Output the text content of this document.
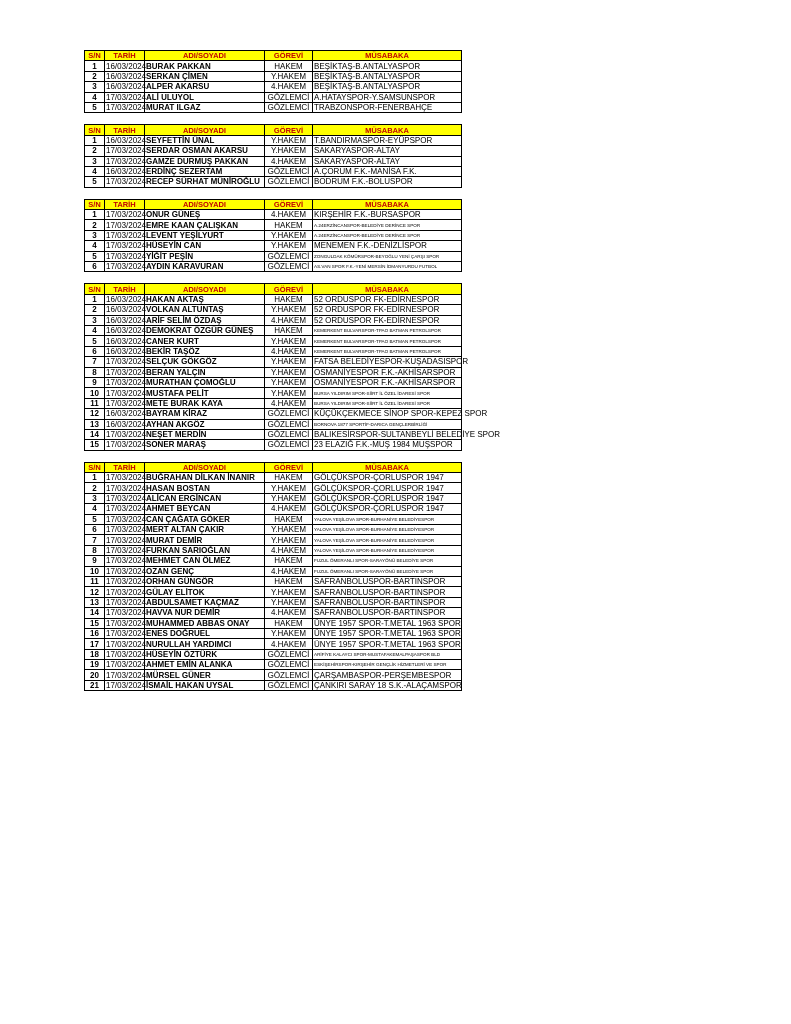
S/N	TARİH	ADI/SOYADI	GÖREVİ	MÜSABAKA
1	16/03/2024	BURAK PAKKAN	HAKEM	BEŞİKTAŞ-B.ANTALYASPOR
2	16/03/2024	SERKAN ÇİMEN	Y.HAKEM	BEŞİKTAŞ-B.ANTALYASPOR
3	16/03/2024	ALPER AKARSU	4.HAKEM	BEŞİKTAŞ-B.ANTALYASPOR
4	17/03/2024	ALİ ULUYOL	GÖZLEMCİ	A.HATAYSPOR-Y.SAMSUNSPOR
5	17/03/2024	MURAT ILGAZ	GÖZLEMCİ	TRABZONSPOR-FENERBAHÇE
S/N	TARİH	ADI/SOYADI	GÖREVİ	MÜSABAKA
1	16/03/2024	SEYFETTİN ÜNAL	Y.HAKEM	T.BANDIRMASPOR-EYÜPSPOR
2	17/03/2024	SERDAR OSMAN AKARSU	Y.HAKEM	SAKARYASPOR-ALTAY
3	17/03/2024	GAMZE DURMUŞ PAKKAN	4.HAKEM	SAKARYASPOR-ALTAY
4	16/03/2024	ERDİNÇ SEZERTAM	GÖZLEMCİ	A.ÇORUM F.K.-MANİSA F.K.
5	17/03/2024	RECEP SÜRHAT MÜNİROĞLU	GÖZLEMCİ	BODRUM F.K.-BOLUSPOR
S/N	TARİH	ADI/SOYADI	GÖREVİ	MÜSABAKA
1	17/03/2024	ONUR GÜNEŞ	4.HAKEM	KIRŞEHİR F.K.-BURSASPOR
2	17/03/2024	EMRE KAAN ÇALIŞKAN	HAKEM	A.24ERZİNCANSPOR-BELEDİYE DERİNCE SPOR
3	17/03/2024	LEVENT YEŞİLYURT	Y.HAKEM	A.24ERZİNCANSPOR-BELEDİYE DERİNCE SPOR
4	17/03/2024	HÜSEYİN CAN	Y.HAKEM	MENEMEN F.K.-DENİZLİSPOR
5	17/03/2024	YİĞİT PEŞİN	GÖZLEMCİ	ZONGULDAK KÖMÜRSPOR-BEYOĞLU YENİ ÇARŞI SPOR
6	17/03/2024	AYDIN KARAVURAN	GÖZLEMCİ	AS.VAN SPOR F.K.-YENİ MERSİN İDMANYURDU FUTBOL
S/N	TARİH	ADI/SOYADI	GÖREVİ	MÜSABAKA
1	16/03/2024	HAKAN AKTAŞ	HAKEM	52 ORDUSPOR FK-EDİRNESPOR
2	16/03/2024	VOLKAN ALTUNTAŞ	Y.HAKEM	52 ORDUSPOR FK-EDİRNESPOR
3	16/03/2024	ARİF SELİM ÖZDAŞ	4.HAKEM	52 ORDUSPOR FK-EDİRNESPOR
4	16/03/2024	DEMOKRAT ÖZGÜR GÜNEŞ	HAKEM	KEMERKENT BULVARSPOR-TPAO BATMAN PETROLSPOR
5	16/03/2024	CANER KURT	Y.HAKEM	KEMERKENT BULVARSPOR-TPAO BATMAN PETROLSPOR
6	16/03/2024	BEKİR TAŞÖZ	4.HAKEM	KEMERKENT BULVARSPOR-TPAO BATMAN PETROLSPOR
7	17/03/2024	SELÇUK GÖKGÖZ	Y.HAKEM	FATSA BELEDİYESPOR-KUŞADASISPOR
8	17/03/2024	BERAN YALÇIN	Y.HAKEM	OSMANİYESPOR F.K.-AKHİSARSPOR
9	17/03/2024	MURATHAN ÇOMOĞLU	Y.HAKEM	OSMANİYESPOR F.K.-AKHİSARSPOR
10	17/03/2024	MUSTAFA PELİT	Y.HAKEM	BURSA YILDIRIM SPOR-SİİRT İL ÖZEL İDARESİ SPOR
11	17/03/2024	METE BURAK KAYA	4.HAKEM	BURSA YILDIRIM SPOR-SİİRT İL ÖZEL İDARESİ SPOR
12	16/03/2024	BAYRAM KİRAZ	GÖZLEMCİ	KÜÇÜKÇEKMECE SİNOP SPOR-KEPEZ SPOR
13	16/03/2024	AYHAN AKGÖZ	GÖZLEMCİ	BORNOVA 1877 SPORTİF-DARICA GENÇLERBİRLİĞİ
14	17/03/2024	NEŞET MERDİN	GÖZLEMCİ	BALIKESİRSPOR-SULTANBEYLİ BELEDİYE SPOR
15	17/03/2024	SONER MARAŞ	GÖZLEMCİ	23 ELAZIĞ F.K.-MUŞ 1984 MUŞSPOR
S/N	TARİH	ADI/SOYADI	GÖREVİ	MÜSABAKA
1	17/03/2024	BUĞRAHAN DİLKAN İNANIR	HAKEM	GÖLÇÜKSPOR-ÇORLUSPOR 1947
2	17/03/2024	HASAN BOSTAN	Y.HAKEM	GÖLÇÜKSPOR-ÇORLUSPOR 1947
3	17/03/2024	ALİCAN ERGİNCAN	Y.HAKEM	GÖLÇÜKSPOR-ÇORLUSPOR 1947
4	17/03/2024	AHMET BEYCAN	4.HAKEM	GÖLÇÜKSPOR-ÇORLUSPOR 1947
5	17/03/2024	CAN ÇAĞATA GÖKER	HAKEM	YALOVA YEŞİLOVA SPOR-BURHANİYE BELEDİYESPOR
6	17/03/2024	MERT ALTAN ÇAKIR	Y.HAKEM	YALOVA YEŞİLOVA SPOR-BURHANİYE BELEDİYESPOR
7	17/03/2024	MURAT DEMİR	Y.HAKEM	YALOVA YEŞİLOVA SPOR-BURHANİYE BELEDİYESPOR
8	17/03/2024	FURKAN SARIOĞLAN	4.HAKEM	YALOVA YEŞİLOVA SPOR-BURHANİYE BELEDİYESPOR
9	17/03/2024	MEHMET CAN ÖLMEZ	HAKEM	FUZUL ÖMERANLI SPOR-SARAYÖNÜ BELEDİYE SPOR
10	17/03/2024	OZAN GENÇ	4.HAKEM	FUZUL ÖMERANLI SPOR-SARAYÖNÜ BELEDİYE SPOR
11	17/03/2024	ORHAN GÜNGÖR	HAKEM	SAFRANBOLUSPOR-BARTINSPOR
12	17/03/2024	GÜLAY ELİTOK	Y.HAKEM	SAFRANBOLUSPOR-BARTINSPOR
13	17/03/2024	ABDULSAMET KAÇMAZ	Y.HAKEM	SAFRANBOLUSPOR-BARTINSPOR
14	17/03/2024	HAVVA NUR DEMİR	4.HAKEM	SAFRANBOLUSPOR-BARTINSPOR
15	17/03/2024	MUHAMMED ABBAS ONAY	HAKEM	ÜNYE 1957 SPOR-T.METAL 1963 SPOR
16	17/03/2024	ENES DOĞRUEL	Y.HAKEM	ÜNYE 1957 SPOR-T.METAL 1963 SPOR
17	17/03/2024	NURULLAH YARDIMCI	4.HAKEM	ÜNYE 1957 SPOR-T.METAL 1963 SPOR
18	17/03/2024	HÜSEYİN ÖZTÜRK	GÖZLEMCİ	ARİFİYE KALAYCI SPOR-MUSTAFAKEMALPAŞASPOR BLD
19	17/03/2024	AHMET EMİN ALANKA	GÖZLEMCİ	ESKİŞEHİRSPOR-KIRŞEHİR GENÇLİK HİZMETLERİ VE SPOR
20	17/03/2024	MÜRSEL GÜNER	GÖZLEMCİ	ÇARŞAMBASPOR-PERŞEMBESPOR
21	17/03/2024	İSMAİL HAKAN UYSAL	GÖZLEMCİ	ÇANKIRI SARAY 18 S.K.-ALAÇAMSPOR
